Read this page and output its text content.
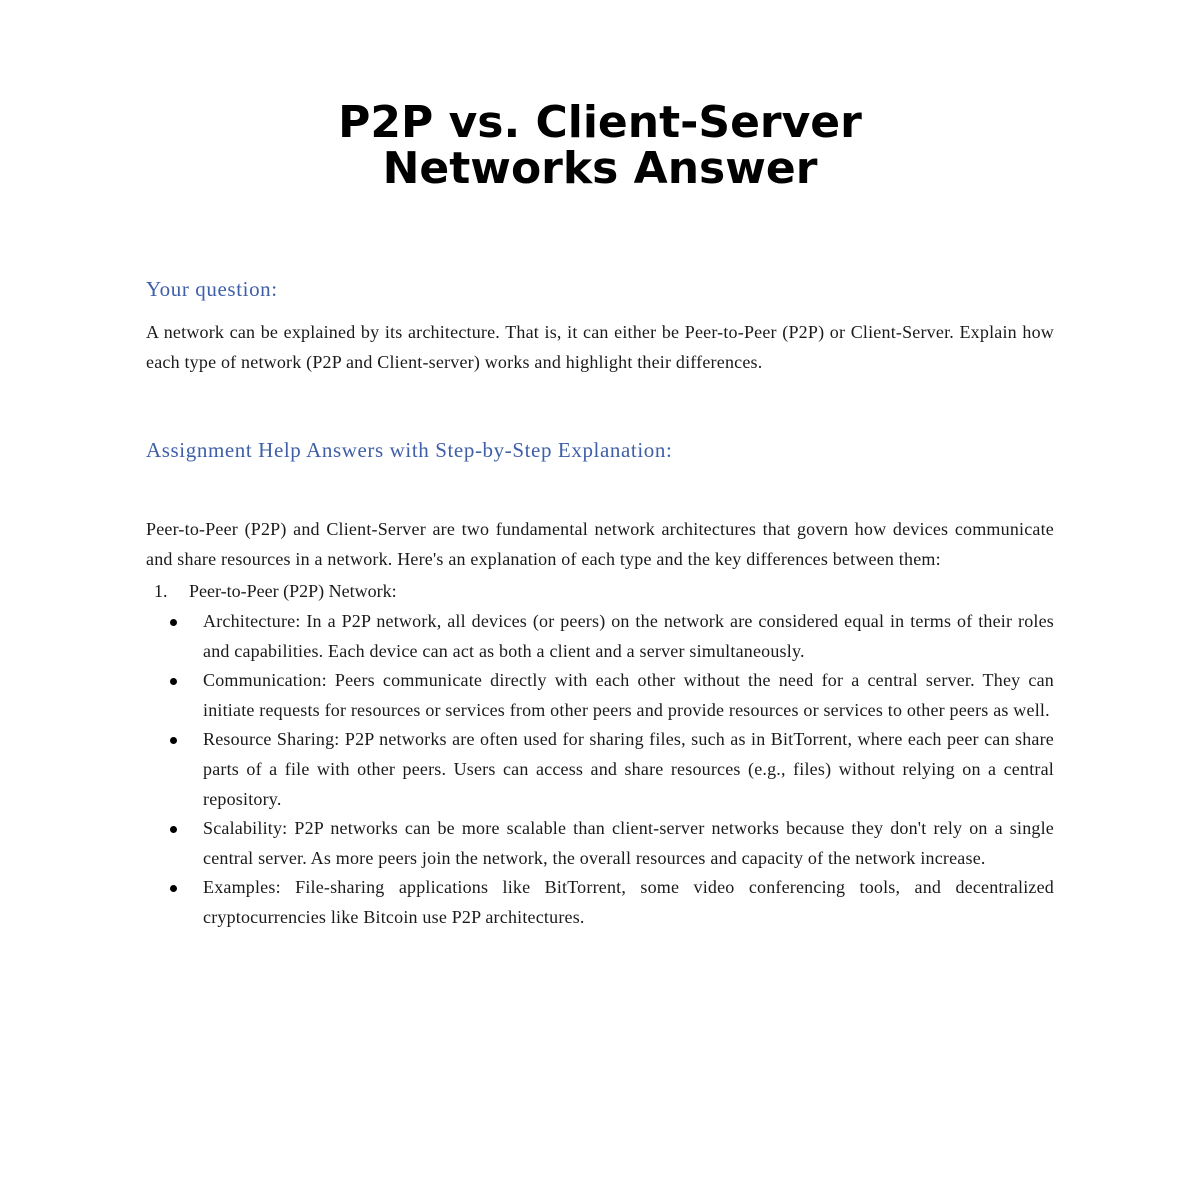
P2P vs. Client-Server
Networks Answer
Your question:

A network can be explained by its architecture. That is, it can either be Peer-to-Peer (P2P) or Client-Server. Explain how each type of network (P2P and Client-server) works and highlight their differences.

Assignment Help Answers with Step-by-Step Explanation:

Peer-to-Peer (P2P) and Client-Server are two fundamental network architectures that govern how devices communicate and share resources in a network. Here's an explanation of each type and the key differences between them:

1. Peer-to-Peer (P2P) Network:
Architecture: In a P2P network, all devices (or peers) on the network are considered equal in terms of their roles and capabilities. Each device can act as both a client and a server simultaneously.
Communication: Peers communicate directly with each other without the need for a central server. They can initiate requests for resources or services from other peers and provide resources or services to other peers as well.
Resource Sharing: P2P networks are often used for sharing files, such as in BitTorrent, where each peer can share parts of a file with other peers. Users can access and share resources (e.g., files) without relying on a central repository.
Scalability: P2P networks can be more scalable than client-server networks because they don't rely on a single central server. As more peers join the network, the overall resources and capacity of the network increase.
Examples: File-sharing applications like BitTorrent, some video conferencing tools, and decentralized cryptocurrencies like Bitcoin use P2P architectures.
